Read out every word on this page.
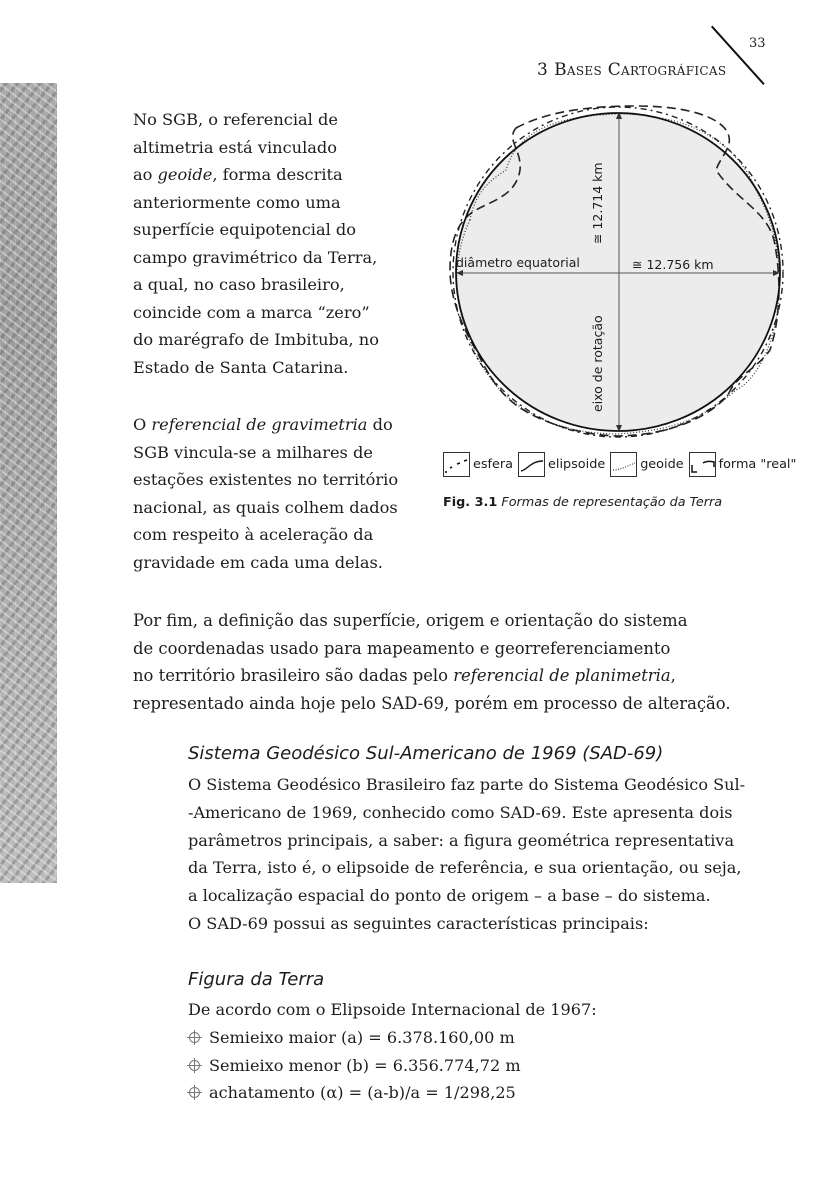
33
3 Bases Cartográficas
No SGB, o referencial de
altimetria está vinculado
ao geoide, forma descrita
anteriormente como uma
superfície equipotencial do
campo gravimétrico da Terra,
a qual, no caso brasileiro,
coincide com a marca “zero”
do marégrafo de Imbituba, no
Estado de Santa Catarina.
O referencial de gravimetria do
SGB vincula-se a milhares de
estações existentes no território
nacional, as quais colhem dados
com respeito à aceleração da
gravidade em cada uma delas.
Por fim, a definição das superfície, origem e orientação do sistema
de coordenadas usado para mapeamento e georreferenciamento
no território brasileiro são dadas pelo referencial de planimetria,
representado ainda hoje pelo SAD-69, porém em processo de alteração.
Sistema Geodésico Sul-Americano de 1969 (SAD-69)
O Sistema Geodésico Brasileiro faz parte do Sistema Geodésico Sul-
-Americano de 1969, conhecido como SAD-69. Este apresenta dois
parâmetros principais, a saber: a figura geométrica representativa
da Terra, isto é, o elipsoide de referência, e sua orientação, ou seja,
a localização espacial do ponto de origem – a base – do sistema.
O SAD-69 possui as seguintes características principais:
Figura da Terra
De acordo com o Elipsoide Internacional de 1967:
Semieixo maior (a) = 6.378.160,00 m
Semieixo menor (b) = 6.356.774,72 m
achatamento (α) = (a-b)/a = 1/298,25
diâmetro equatorial	≅ 12.756 km
≅ 12.714 km
eixo de rotação
esfera	elipsoide	geoide	forma "real"
Fig. 3.1 Formas de representação da Terra
